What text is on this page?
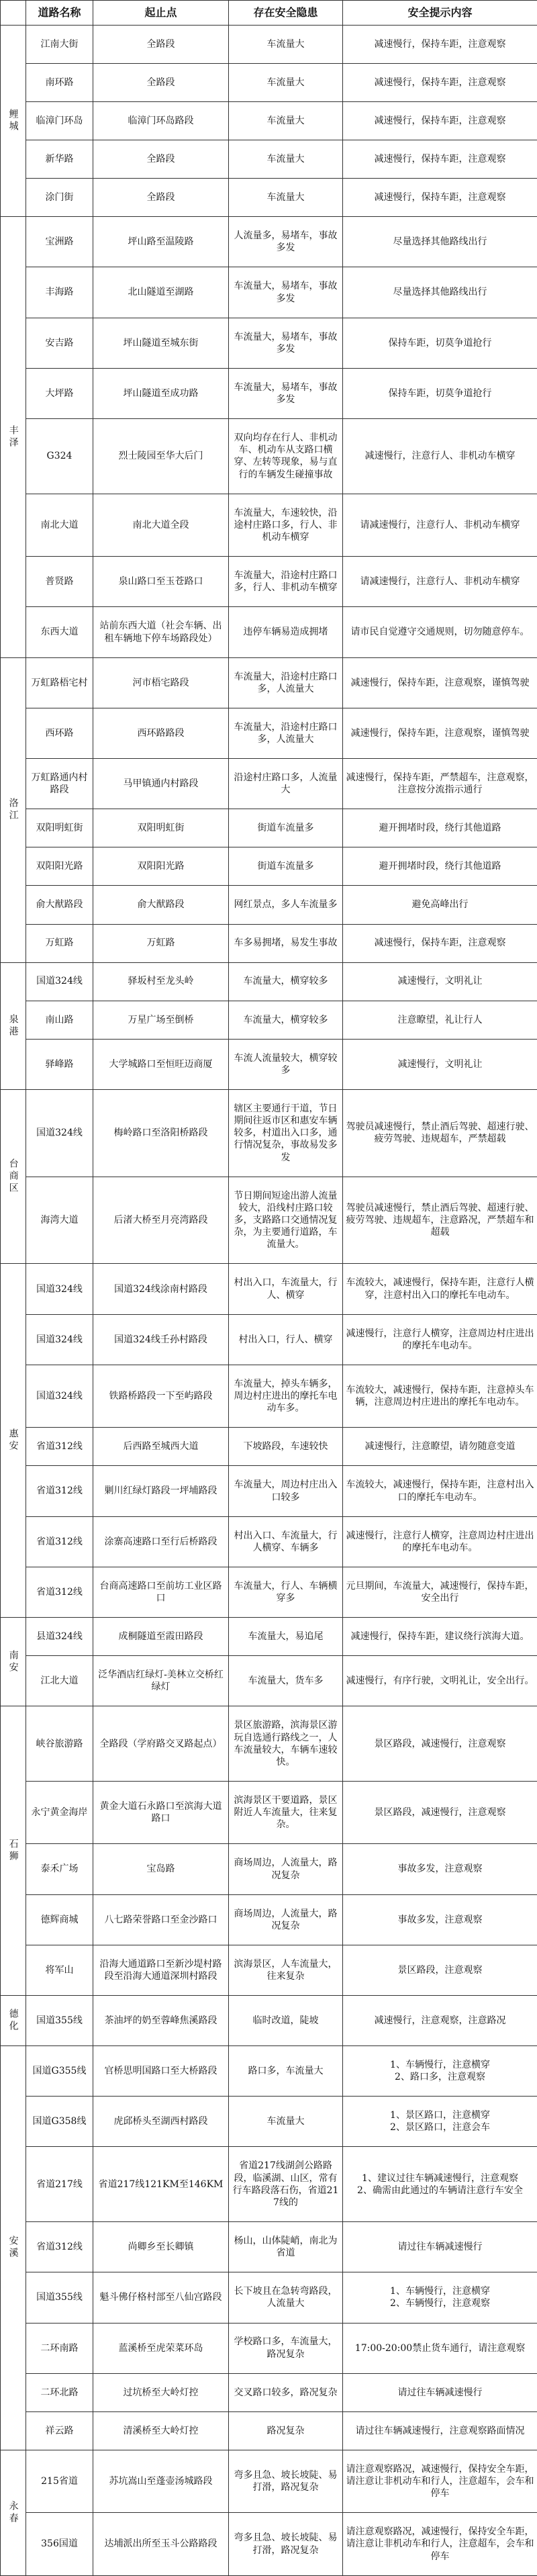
	道路名称	起止点	存在安全隐患	安全提示内容
鲤城	江南大街	全路段	车流量大	减速慢行，保持车距，注意观察
	南环路	全路段	车流量大	减速慢行，保持车距，注意观察
	临漳门环岛	临漳门环岛路段	车流量大	减速慢行，保持车距，注意观察
	新华路	全路段	车流量大	减速慢行，保持车距，注意观察
	涂门街	全路段	车流量大	减速慢行，保持车距，注意观察
丰泽	宝洲路	坪山路至温陵路	人流量多，易堵车，事故多发	尽量选择其他路线出行
	丰海路	北山隧道至湖路	车流量大，易堵车，事故多发	尽量选择其他路线出行
	安吉路	坪山隧道至城东街	车流量大，易堵车，事故多发	保持车距，切莫争道抢行
	大坪路	坪山隧道至成功路	车流量大，易堵车，事故多发	保持车距，切莫争道抢行
	G324	烈士陵园至华大后门	双向均存在行人、非机动车、机动车从支路口横穿、左转等现象，易与直行的车辆发生碰撞事故	减速慢行，注意行人、非机动车横穿
	南北大道	南北大道全段	车流量大，车速较快，沿途村庄路口多，行人、非机动车横穿	请减速慢行，注意行人、非机动车横穿
	普贤路	泉山路口至玉苍路口	车流量大，沿途村庄路口多，行人、非机动车横穿	请减速慢行，注意行人、非机动车横穿
	东西大道	站前东西大道（社会车辆、出租车辆地下停车场路段处）	违停车辆易造成拥堵	请市民自觉遵守交通规则，切勿随意停车。
洛江	万虹路梧宅村	河市梧宅路段	车流量大，沿途村庄路口多，人流量大	减速慢行，保持车距，注意观察，谨慎驾驶
	西环路	西环路路段	车流量大，沿途村庄路口多，人流量大	减速慢行，保持车距，注意观察，谨慎驾驶
	万虹路通内村路段	马甲镇通内村路段	沿途村庄路口多，人流量大	减速慢行，保持车距，严禁超车，注意观察，注意按分流指示通行
	双阳明虹街	双阳明虹街	街道车流量多	避开拥堵时段，绕行其他道路
	双阳阳光路	双阳阳光路	街道车流量多	避开拥堵时段，绕行其他道路
	俞大猷路段	俞大猷路段	网红景点，多人车流量多	避免高峰出行
	万虹路	万虹路	车多易拥堵，易发生事故	减速慢行，保持车距，注意观察
泉港	国道324线	驿坂村至龙头岭	车流量大，横穿较多	减速慢行，文明礼让
	南山路	万星广场至倒桥	车流量大，横穿较多	注意瞭望，礼让行人
	驿峰路	大学城路口至恒旺迈商厦	车流人流量较大，横穿较多	减速慢行，文明礼让
台商区	国道324线	梅岭路口至洛阳桥路段	辖区主要通行干道，节日期间往返市区和惠安车辆较多，村道出入口多，通行情况复杂，事故易发多发	驾驶员减速慢行，禁止酒后驾驶、超速行驶、疲劳驾驶、违规超车，严禁超载
	海湾大道	后渚大桥至月亮湾路段	节日期间短途出游人流量较大，沿线村庄路口较多，支路路口交通情况复杂，为主要通行道路，车流量大。	驾驶员减速慢行，禁止酒后驾驶、超速行驶、疲劳驾驶、违规超车，注意路况，严禁超车和超载
惠安	国道324线	国道324线涂南村路段	村出入口，车流量大，行人、横穿	车流较大，减速慢行，保持车距，注意行人横穿，注意村出入口的摩托车电动车。
	国道324线	国道324线壬孙村路段	村出入口，行人、横穿	减速慢行，注意行人横穿，注意周边村庄进出的摩托车电动车。
	国道324线	铁路桥路段一下至屿路段	车流量大，掉头车辆多，周边村庄进出的摩托车电动车多。	车流较大，减速慢行，保持车距，注意掉头车辆，注意周边村庄进出的摩托车电动车。
	省道312线	后西路至城西大道	下坡路段，车速较快	减速慢行，注意瞭望，请勿随意变道
	省道312线	剿川红绿灯路段一坪埔路段	车流量大，周边村庄出入口较多	车流较大，减速慢行，保持车距，注意村出入口的摩托车电动车。
	省道312线	涂寨高速路口至行后桥路段	村出入口、车流量大，行人横穿、车辆多	减速慢行，注意行人横穿，注意周边村庄进出的摩托车电动车。
	省道312线	台商高速路口至前坊工业区路口	车流量大，行人、车辆横穿多	元旦期间，车流量大，减速慢行，保持车距，安全出行
南安	县道324线	成桐隧道至霞田路段	车流量大，易追尾	减速慢行，保持车距，建议绕行滨海大道。
	江北大道	泛华酒店红绿灯-美林立交桥红绿灯	车流量大，货车多	减速慢行，有序行驶，文明礼让，安全出行。
石狮	峡谷旅游路	全路段（学府路交叉路起点）	景区旅游路，滨海景区游玩自选通行路线之一，人车流量较大，车辆车速较快。	景区路段，减速慢行，注意观察
	永宁黄金海岸	黄金大道石永路口至滨海大道路口	滨海景区干要道路，景区附近人车流量大，往来复杂。	景区路段，减速慢行，注意观察
	泰禾广场	宝岛路	商场周边，人流量大，路况复杂	事故多发，注意观察
	德辉商城	八七路荣誉路口至金沙路口	商场周边，人流量大，路况复杂	事故多发，注意观察
	将军山	沿海大通道路口至新沙堤村路段至沿海大通道深圳村路段	滨海景区，人车流量大，往来复杂	景区路段，注意观察
德化	国道355线	茶油坪的奶至蓉峰焦溪路段	临时改道，陡坡	减速慢行，注意观察，注意路况
安溪	国道G355线	官桥思明国路口至大桥路段	路口多，车流量大	1、车辆慢行，注意横穿
2、路口多，注意观察
	国道G358线	虎邱桥头至湖西村路段	车流量大	1、景区路口，注意横穿
2、景区路口，注意会车
	省道217线	省道217线121KM至146KM	省道217线湖剑公路路段，临溪湖、山区，常有行车路段落石伤，省道217线的	1、建议过往车辆减速慢行，注意观察
2、确需由此通过的车辆请注意行车安全
	省道312线	尚卿乡至长卿镇	杨山，山体陡峭，南北为省道	请过往车辆减速慢行
	国道355线	魁斗佛仔格村部至八仙宫路段	长下坡且在急转弯路段，人流量大	1、车辆慢行，注意横穿
2、车辆慢行，注意观察
	二环南路	蓝溪桥至虎荣菜环岛	学校路口多，车流量大，路况复杂	17:00-20:00禁止货车通行，请注意观察
	二环北路	过坑桥至大岭灯控	交叉路口较多，路况复杂	请过往车辆减速慢行
	祥云路	清溪桥至大岭灯控	路况复杂	请过往车辆减速慢行，注意观察路面情况
永春	215省道	苏坑嵩山至蓬壶汤城路段	弯多且急、坡长坡陡、易打滑，路况复杂	请注意观察路况，减速慢行，保持安全车距，请注意让非机动车和行人，注意超车，会车和停车
	356国道	达埔派出所至玉斗公路路段	弯多且急、坡长坡陡、易打滑，路况复杂	请注意观察路况，减速慢行，保持安全车距，请注意让非机动车和行人，注意超车，会车和停车
